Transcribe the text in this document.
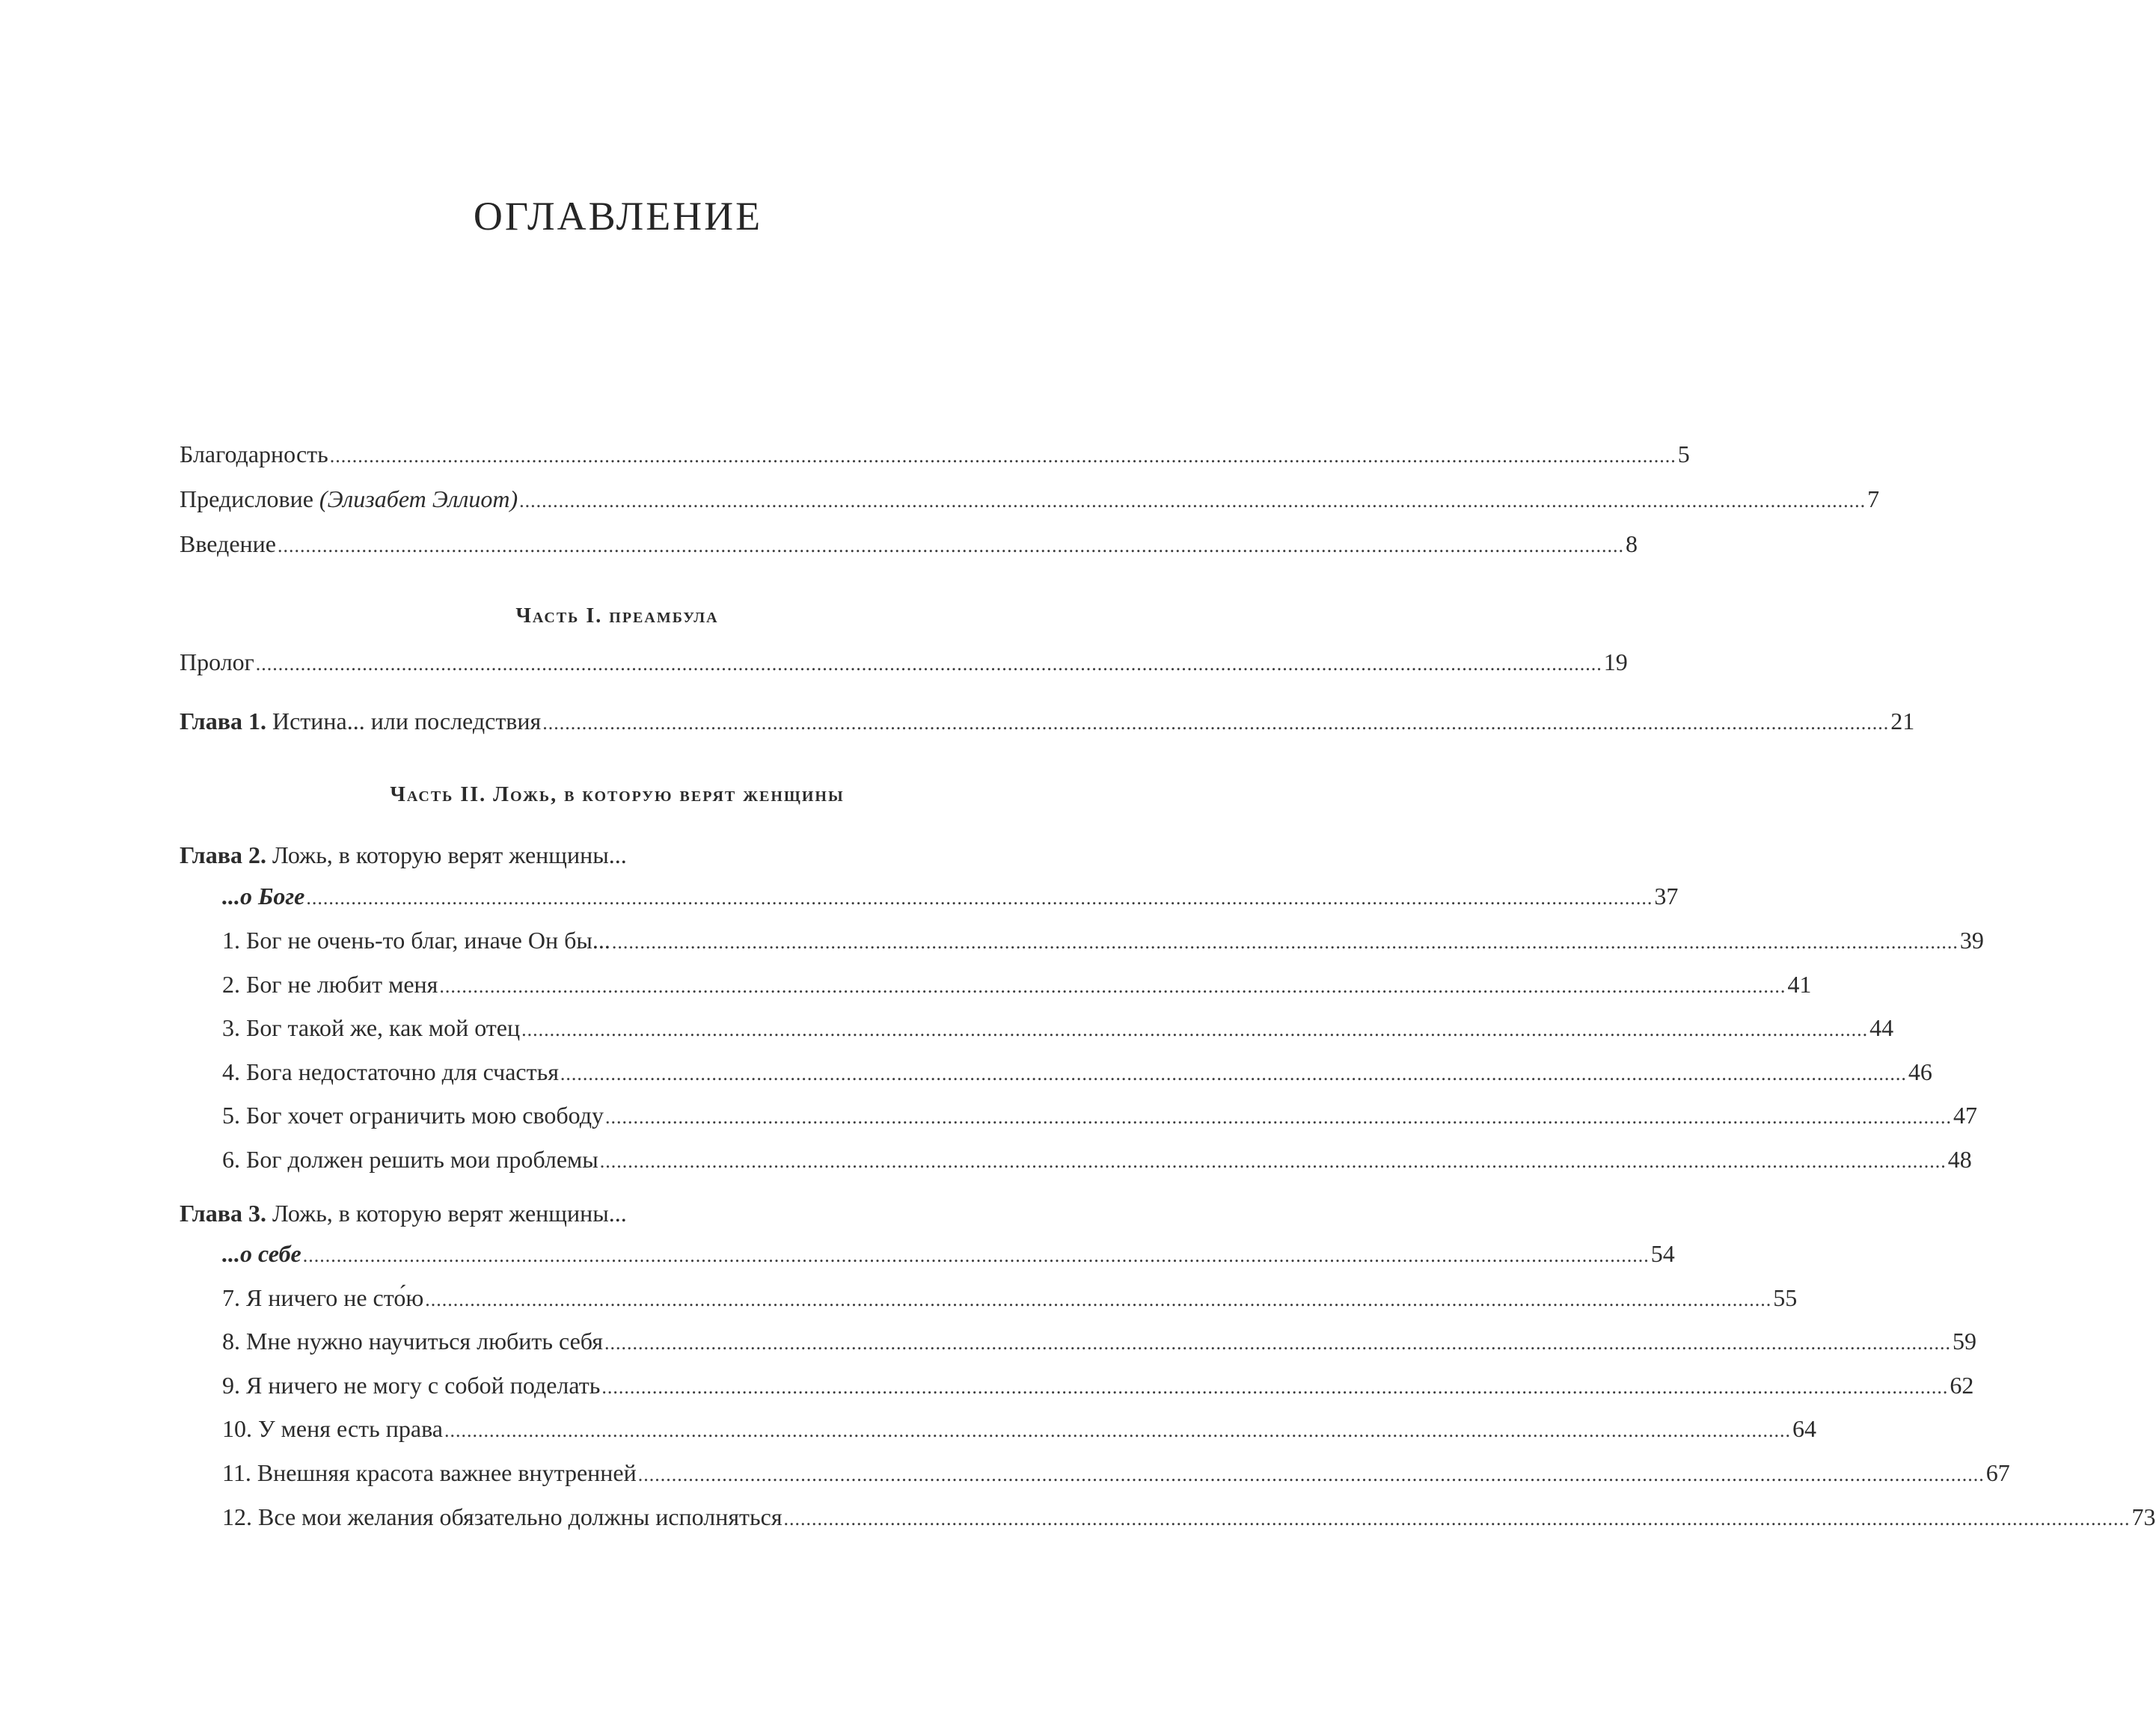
ОГЛАВЛЕНИЕ
Благодарность ................................................................................................................................................................................................................................................ 5
Предисловие (Элизабет Эллиот) ................................................................................................................................................................................................................................................ 7
Введение ................................................................................................................................................................................................................................................ 8
Часть I. преамбула
Пролог ................................................................................................................................................................................................................................................ 19
Глава 1. Истина... или последствия ................................................................................................................................................................................................................................................ 21
Часть II. Ложь, в которую верят женщины
Глава 2. Ложь, в которую верят женщины...
...о Боге ................................................................................................................................................................................................................................................ 37
1. Бог не очень-то благ, иначе Он бы... ................................................................................................................................................................................................................................................ 39
2. Бог не любит меня ................................................................................................................................................................................................................................................ 41
3. Бог такой же, как мой отец ................................................................................................................................................................................................................................................ 44
4. Бога недостаточно для счастья ................................................................................................................................................................................................................................................ 46
5. Бог хочет ограничить мою свободу ................................................................................................................................................................................................................................................ 47
6. Бог должен решить мои проблемы ................................................................................................................................................................................................................................................ 48
Глава 3. Ложь, в которую верят женщины...
...о себе ................................................................................................................................................................................................................................................ 54
7. Я ничего не сто́ю ................................................................................................................................................................................................................................................ 55
8. Мне нужно научиться любить себя ................................................................................................................................................................................................................................................ 59
9. Я ничего не могу с собой поделать ................................................................................................................................................................................................................................................ 62
10. У меня есть права ................................................................................................................................................................................................................................................ 64
11. Внешняя красота важнее внутренней ................................................................................................................................................................................................................................................ 67
12. Все мои желания обязательно должны исполняться ................................................................................................................................................................................................................................................ 73
